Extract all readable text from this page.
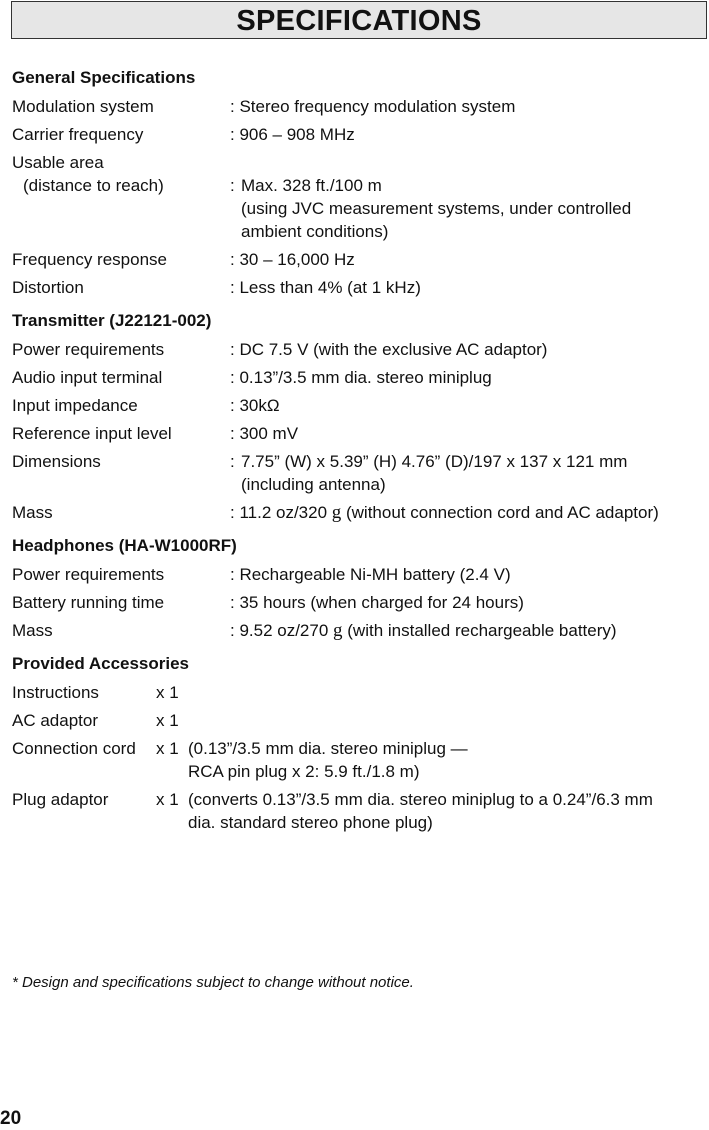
SPECIFICATIONS
General Specifications
Modulation system	: Stereo frequency modulation system
Carrier frequency	: 906 – 908 MHz
Usable area
(distance to reach)
	: Max. 328 ft./100 m
(using JVC measurement systems, under controlled
ambient conditions)
Frequency response	: 30 – 16,000 Hz
Distortion	: Less than 4% (at 1 kHz)
Transmitter (J22121-002)
Power requirements	: DC 7.5 V (with the exclusive AC adaptor)
Audio input terminal	: 0.13”/3.5 mm dia. stereo miniplug
Input impedance	: 30kΩ
Reference input level	: 300 mV
Dimensions	: 7.75” (W) x 5.39” (H) 4.76” (D)/197 x 137 x 121 mm
(including antenna)
Mass	: 11.2 oz/320 g (without connection cord and AC adaptor)
Headphones (HA-W1000RF)
Power requirements	: Rechargeable Ni-MH battery (2.4 V)
Battery running time	: 35 hours (when charged for 24 hours)
Mass	: 9.52 oz/270 g (with installed rechargeable battery)
Provided Accessories
Instructions	x 1
AC adaptor	x 1
Connection cord	x 1 (0.13”/3.5 mm dia. stereo miniplug —
RCA pin plug x 2: 5.9 ft./1.8 m)
Plug adaptor	x 1 (converts 0.13”/3.5 mm dia. stereo miniplug to a 0.24”/6.3 mm
dia. standard stereo phone plug)
* Design and specifications subject to change without notice.
20
